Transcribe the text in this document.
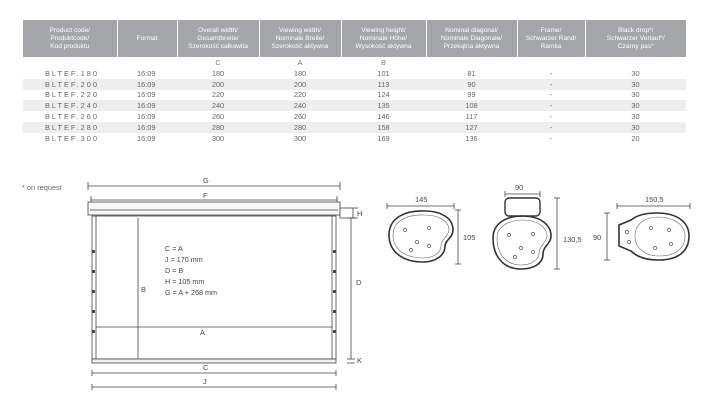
Product code/
Produktcode/
Kod produktu	Format	Overall width/
Gesamtbreite/
Szerokość całkowita	Viewing width/
Nominale Breite/
Szerokość aktywna	Viewing height/
Nominale Höhe/
Wysokość aktywna	Nominal diagonal/
Nominale Diagonale/
Przekątna aktywna	Frame/
Schwarzer Rand/
Ramka	Black drop*/
Schwarzer Verlauf*/
Czarny pas*
		C	A	B			
BLTEF.180	16:09	180	180	101	81	-	30
BLTEF.200	16:09	200	200	113	90	-	30
BLTEF.220	16:09	220	220	124	99	-	30
BLTEF.240	16:09	240	240	135	108	-	30
BLTEF.260	16:09	260	260	146	117	-	30
BLTEF.280	16:09	280	280	158	127	-	30
BLTEF.300	16:09	300	300	169	136	-	20
* on request
G
F
H
D
B
A
C
K
J
C = A
J = 170 mm
D = B
H = 105 mm
G = A + 268 mm
145
105
90
130,5
150,5
90
